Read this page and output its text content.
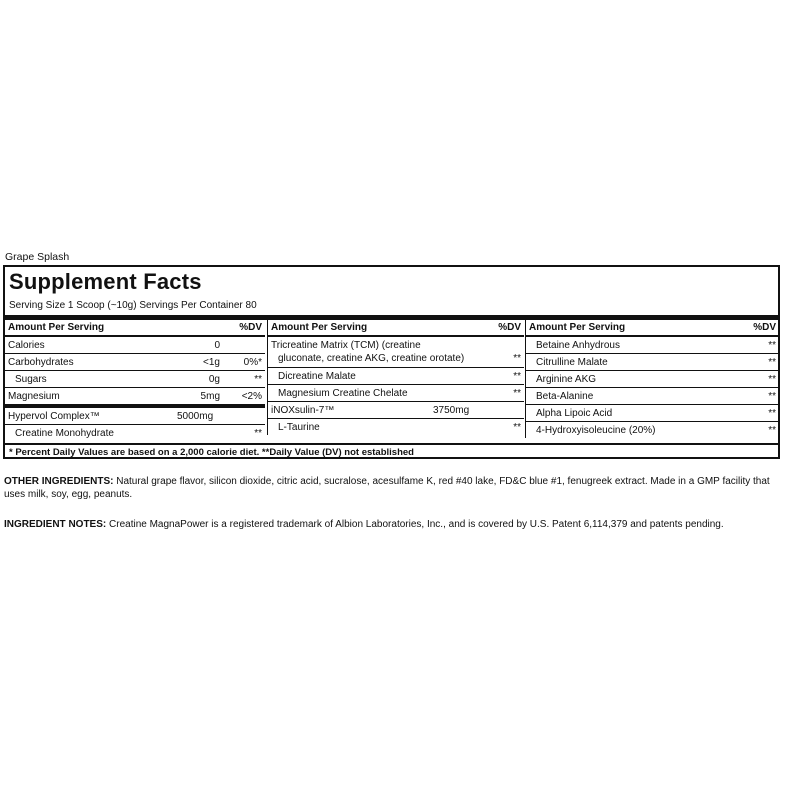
Grape Splash
Supplement Facts
Serving Size 1 Scoop (~10g) Servings Per Container 80
Amount Per Serving	%DV
Calories	0
Carbohydrates	<1g 0%*
Sugars	0g	**
Magnesium	5mg <2%
Hypervol Complex™	5000mg
Creatine Monohydrate	**
Amount Per Serving	%DV
Tricreatine Matrix (TCM) (creatine
gluconate, creatine AKG, creatine orotate)	**
Dicreatine Malate	**
Magnesium Creatine Chelate	**
iNOXsulin-7™	3750mg
L-Taurine	**
Amount Per Serving	%DV
Betaine Anhydrous	**
Citrulline Malate	**
Arginine AKG	**
Beta-Alanine	**
Alpha Lipoic Acid	**
4-Hydroxyisoleucine (20%)	**
* Percent Daily Values are based on a 2,000 calorie diet. **Daily Value (DV) not established
OTHER INGREDIENTS: Natural grape flavor, silicon dioxide, citric acid, sucralose, acesulfame K, red #40 lake, FD&C blue #1, fenugreek extract. Made in a GMP facility that
uses milk, soy, egg, peanuts.
INGREDIENT NOTES: Creatine MagnaPower is a registered trademark of Albion Laboratories, Inc., and is covered by U.S. Patent 6,114,379 and patents pending.
